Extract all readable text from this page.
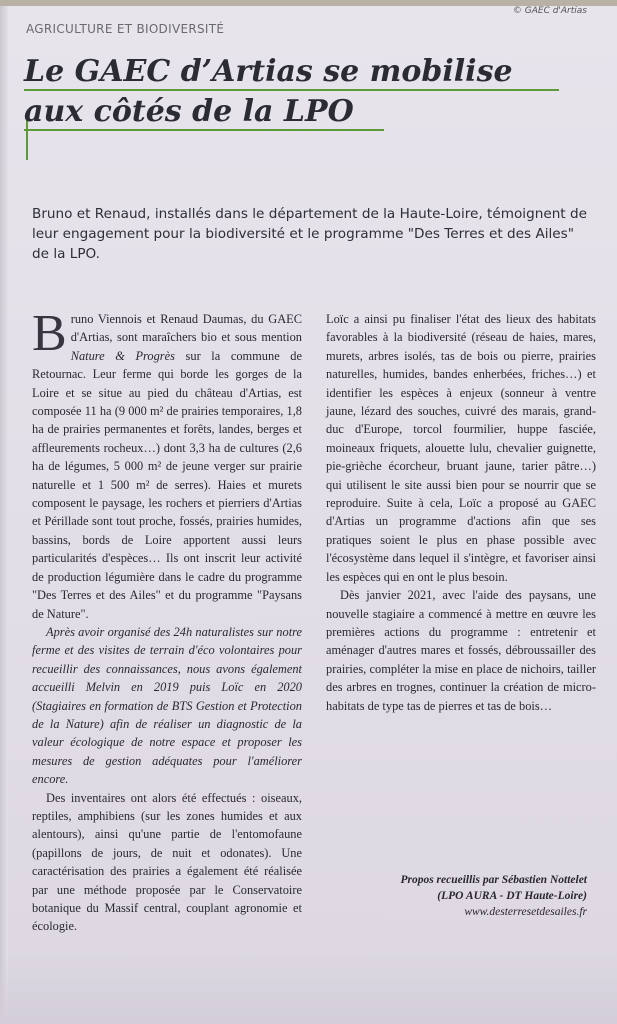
© GAEC d'Artias
AGRICULTURE ET BIODIVERSITÉ
Le GAEC d’Artias se mobilise
aux côtés de la LPO

Bruno et Renaud, installés dans le département de la Haute-Loire, témoignent de leur engagement pour la biodiversité et le programme "Des Terres et des Ailes" de la LPO.

Bruno Viennois et Renaud Daumas, du GAEC d'Artias, sont maraîchers bio et sous mention Nature & Progrès sur la commune de Retournac. Leur ferme qui borde les gorges de la Loire et se situe au pied du château d'Artias, est composée 11 ha (9 000 m² de prairies temporaires, 1,8 ha de prairies permanentes et forêts, landes, berges et affleurements rocheux…) dont 3,3 ha de cultures (2,6 ha de légumes, 5 000 m² de jeune verger sur prairie naturelle et 1 500 m² de serres). Haies et murets composent le paysage, les rochers et pierriers d'Artias et Périllade sont tout proche, fossés, prairies humides, bassins, bords de Loire apportent aussi leurs particularités d'espèces… Ils ont inscrit leur activité de production légumière dans le cadre du programme "Des Terres et des Ailes" et du programme "Paysans de Nature".

Après avoir organisé des 24h naturalistes sur notre ferme et des visites de terrain d'éco volontaires pour recueillir des connaissances, nous avons également accueilli Melvin en 2019 puis Loïc en 2020 (Stagiaires en formation de BTS Gestion et Protection de la Nature) afin de réaliser un diagnostic de la valeur écologique de notre espace et proposer les mesures de gestion adéquates pour l'améliorer encore.

Des inventaires ont alors été effectués : oiseaux, reptiles, amphibiens (sur les zones humides et aux alentours), ainsi qu'une partie de l'entomofaune (papillons de jours, de nuit et odonates). Une caractérisation des prairies a également été réalisée par une méthode proposée par le Conservatoire botanique du Massif central, couplant agronomie et écologie.

Loïc a ainsi pu finaliser l'état des lieux des habitats favorables à la biodiversité (réseau de haies, mares, murets, arbres isolés, tas de bois ou pierre, prairies naturelles, humides, bandes enherbées, friches…) et identifier les espèces à enjeux (sonneur à ventre jaune, lézard des souches, cuivré des marais, grand-duc d'Europe, torcol fourmilier, huppe fasciée, moineaux friquets, alouette lulu, chevalier guignette, pie-grièche écorcheur, bruant jaune, tarier pâtre…) qui utilisent le site aussi bien pour se nourrir que se reproduire. Suite à cela, Loïc a proposé au GAEC d'Artias un programme d'actions afin que ses pratiques soient le plus en phase possible avec l'écosystème dans lequel il s'intègre, et favoriser ainsi les espèces qui en ont le plus besoin.

Dès janvier 2021, avec l'aide des paysans, une nouvelle stagiaire a commencé à mettre en œuvre les premières actions du programme : entretenir et aménager d'autres mares et fossés, débroussailler des prairies, compléter la mise en place de nichoirs, tailler des arbres en trognes, continuer la création de micro-habitats de type tas de pierres et tas de bois…

Propos recueillis par Sébastien Nottelet
(LPO AURA - DT Haute-Loire)
www.desterresetdesailes.fr
